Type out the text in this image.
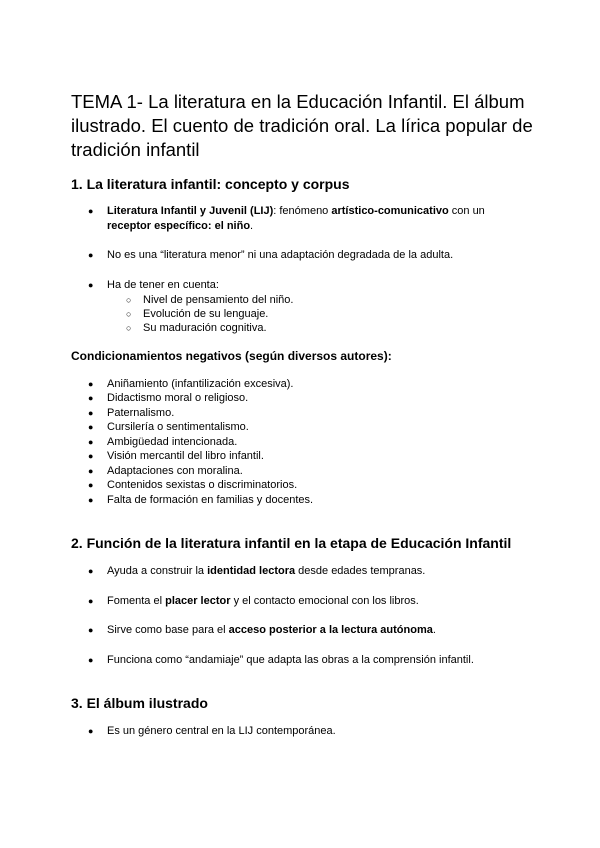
TEMA 1- La literatura en la Educación Infantil. El álbum ilustrado. El cuento de tradición oral. La lírica popular de tradición infantil
1. La literatura infantil: concepto y corpus
● Literatura Infantil y Juvenil (LIJ): fenómeno artístico-comunicativo con un
receptor específico: el niño.
● No es una “literatura menor” ni una adaptación degradada de la adulta.
● Ha de tener en cuenta:
○ Nivel de pensamiento del niño.
○ Evolución de su lenguaje.
○ Su maduración cognitiva.
Condicionamientos negativos (según diversos autores):
● Aniñamiento (infantilización excesiva).
● Didactismo moral o religioso.
● Paternalismo.
● Cursilería o sentimentalismo.
● Ambigüedad intencionada.
● Visión mercantil del libro infantil.
● Adaptaciones con moralina.
● Contenidos sexistas o discriminatorios.
● Falta de formación en familias y docentes.
2. Función de la literatura infantil en la etapa de Educación Infantil
● Ayuda a construir la identidad lectora desde edades tempranas.
● Fomenta el placer lector y el contacto emocional con los libros.
● Sirve como base para el acceso posterior a la lectura autónoma.
● Funciona como “andamiaje” que adapta las obras a la comprensión infantil.
3. El álbum ilustrado
● Es un género central en la LIJ contemporánea.
